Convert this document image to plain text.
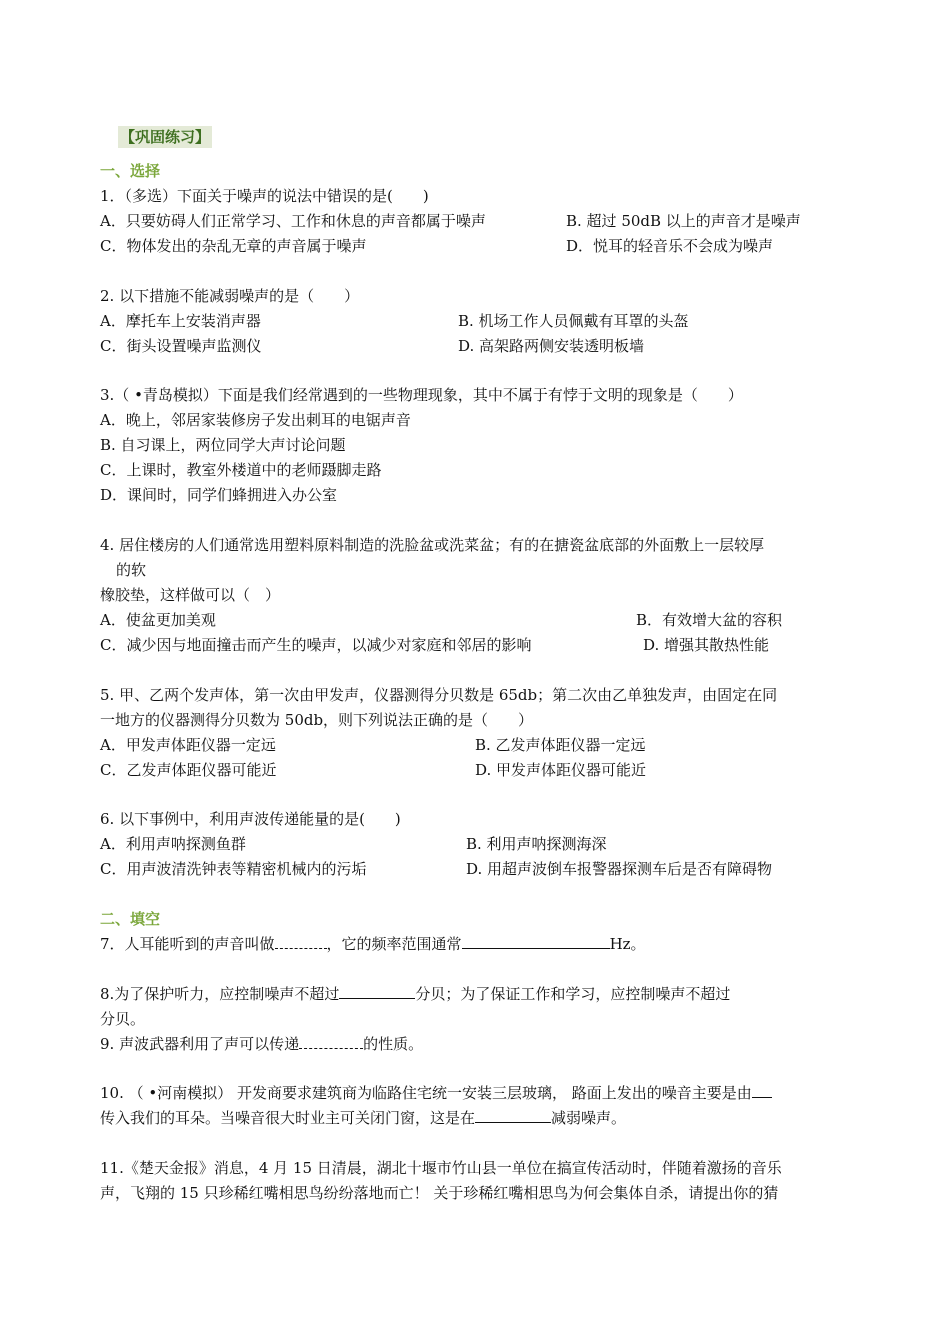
【巩固练习】
一、选择
1．（多选）下面关于噪声的说法中错误的是(　　)
A．只要妨碍人们正常学习、工作和休息的声音都属于噪声	B. 超过 50dB 以上的声音才是噪声
C．物体发出的杂乱无章的声音属于噪声	D．悦耳的轻音乐不会成为噪声
2. 以下措施不能减弱噪声的是（　　）
A．摩托车上安装消声器	B. 机场工作人员佩戴有耳罩的头盔
C．街头设置噪声监测仪	D. 高架路两侧安装透明板墙
3.（ •青岛模拟）下面是我们经常遇到的一些物理现象，其中不属于有悖于文明的现象是（　　）
A．晚上，邻居家装修房子发出刺耳的电锯声音
B. 自习课上，两位同学大声讨论问题
C．上课时，教室外楼道中的老师蹑脚走路
D．课间时，同学们蜂拥进入办公室
4. 居住楼房的人们通常选用塑料原料制造的洗脸盆或洗菜盆；有的在搪瓷盆底部的外面敷上一层较厚
的软
橡胶垫，这样做可以（　）
A．使盆更加美观	B．有效增大盆的容积
C．减少因与地面撞击而产生的噪声，以减少对家庭和邻居的影响	D. 增强其散热性能
5. 甲、乙两个发声体，第一次由甲发声，仪器测得分贝数是 65db；第二次由乙单独发声，由固定在同
一地方的仪器测得分贝数为 50db，则下列说法正确的是（　　）
A．甲发声体距仪器一定远	B. 乙发声体距仪器一定远
C．乙发声体距仪器可能近	D. 甲发声体距仪器可能近
6. 以下事例中，利用声波传递能量的是(　　)
A．利用声呐探测鱼群	B. 利用声呐探测海深
C．用声波清洗钟表等精密机械内的污垢	D. 用超声波倒车报警器探测车后是否有障碍物
二、填空
7．人耳能听到的声音叫做	，它的频率范围通常	Hz。
8.为了保护听力，应控制噪声不超过	分贝；为了保证工作和学习，应控制噪声不超过
分贝。
9. 声波武器利用了声可以传递	的性质。
10. （ •河南模拟） 开发商要求建筑商为临路住宅统一安装三层玻璃， 路面上发出的噪音主要是由
传入我们的耳朵。当噪音很大时业主可关闭门窗，这是在	减弱噪声。
11.《楚天金报》消息，4 月 15 日清晨，湖北十堰市竹山县一单位在搞宣传活动时，伴随着激扬的音乐
声，飞翔的 15 只珍稀红嘴相思鸟纷纷落地而亡！ 关于珍稀红嘴相思鸟为何会集体自杀，请提出你的猜
